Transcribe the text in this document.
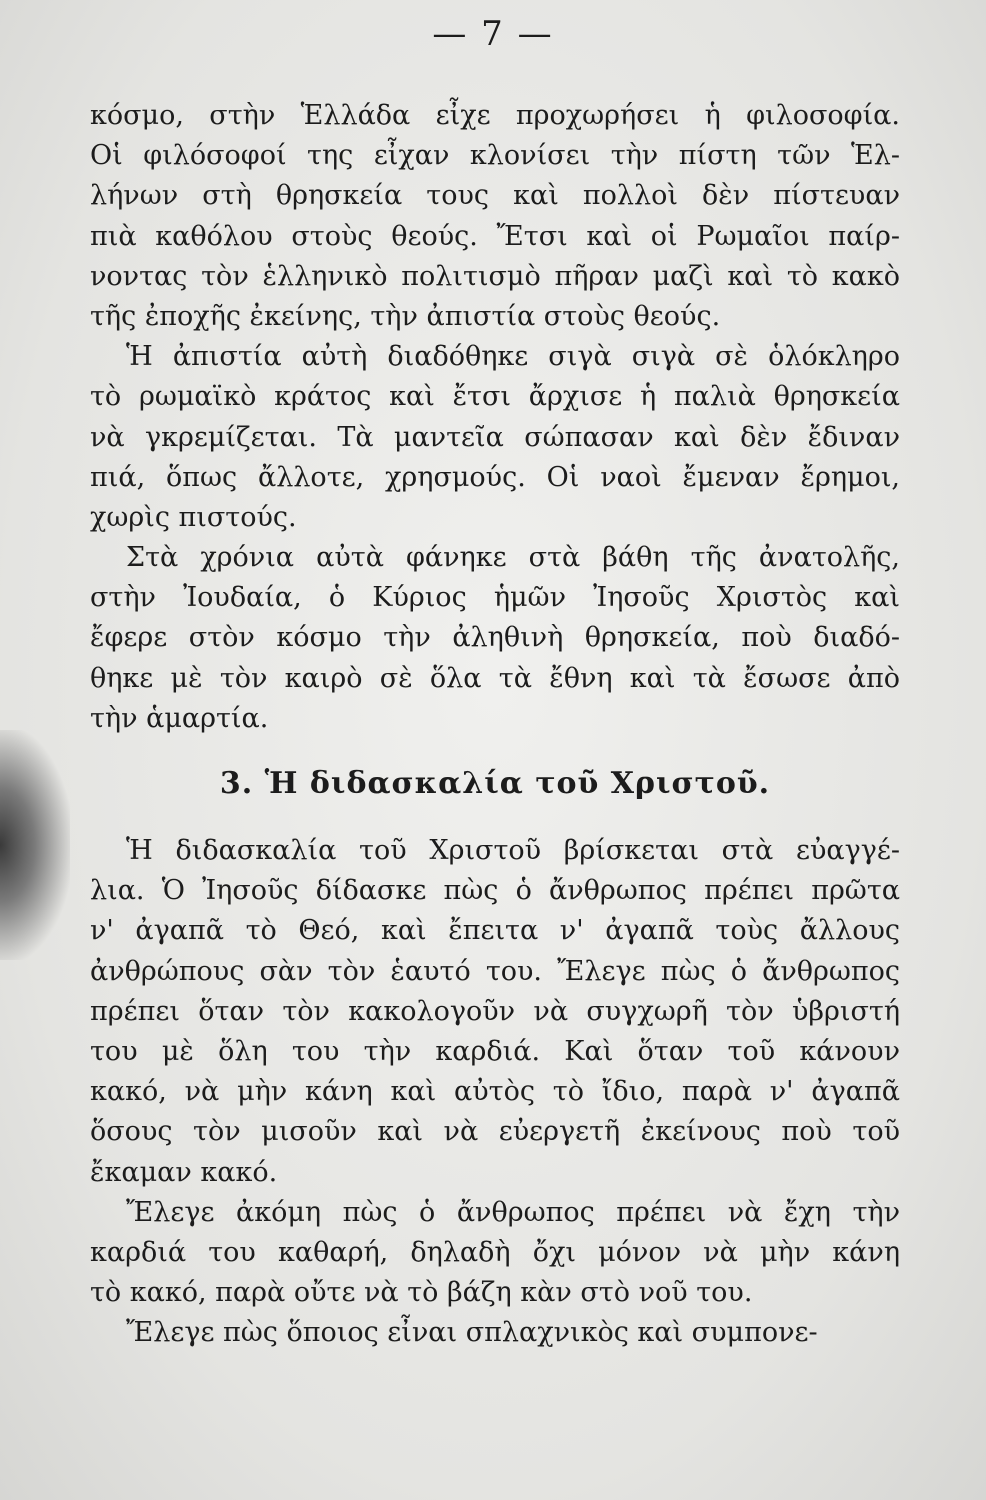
— 7 —
κόσμο, στὴν Ἑλλάδα εἶχε προχωρήσει ἡ φιλοσοφία.
Οἱ φιλόσοφοί της εἶχαν κλονίσει τὴν πίστη τῶν Ἑλ-
λήνων στὴ θρησκεία τους καὶ πολλοὶ δὲν πίστευαν
πιὰ καθόλου στοὺς θεούς. Ἔτσι καὶ οἱ Ρωμαῖοι παίρ-
νοντας τὸν ἑλληνικὸ πολιτισμὸ πῆραν μαζὶ καὶ τὸ κακὸ
τῆς ἐποχῆς ἐκείνης, τὴν ἀπιστία στοὺς θεούς.
Ἡ ἀπιστία αὐτὴ διαδόθηκε σιγὰ σιγὰ σὲ ὁλόκληρο
τὸ ρωμαϊκὸ κράτος καὶ ἔτσι ἄρχισε ἡ παλιὰ θρησκεία
νὰ γκρεμίζεται. Τὰ μαντεῖα σώπασαν καὶ δὲν ἔδιναν
πιά, ὅπως ἄλλοτε, χρησμούς. Οἱ ναοὶ ἔμεναν ἔρημοι,
χωρὶς πιστούς.
Στὰ χρόνια αὐτὰ φάνηκε στὰ βάθη τῆς ἀνατολῆς,
στὴν Ἰουδαία, ὁ Κύριος ἡμῶν Ἰησοῦς Χριστὸς καὶ
ἔφερε στὸν κόσμο τὴν ἀληθινὴ θρησκεία, ποὺ διαδό-
θηκε μὲ τὸν καιρὸ σὲ ὅλα τὰ ἔθνη καὶ τὰ ἔσωσε ἀπὸ
τὴν ἁμαρτία.
3. Ἡ διδασκαλία τοῦ Χριστοῦ.
Ἡ διδασκαλία τοῦ Χριστοῦ βρίσκεται στὰ εὐαγγέ-
λια. Ὁ Ἰησοῦς δίδασκε πὼς ὁ ἄνθρωπος πρέπει πρῶτα
ν' ἀγαπᾶ τὸ Θεό, καὶ ἔπειτα ν' ἀγαπᾶ τοὺς ἄλλους
ἀνθρώπους σὰν τὸν ἑαυτό του. Ἔλεγε πὼς ὁ ἄνθρωπος
πρέπει ὅταν τὸν κακολογοῦν νὰ συγχωρῆ τὸν ὑβριστή
του μὲ ὅλη του τὴν καρδιά. Καὶ ὅταν τοῦ κάνουν
κακό, νὰ μὴν κάνη καὶ αὐτὸς τὸ ἴδιο, παρὰ ν' ἀγαπᾶ
ὅσους τὸν μισοῦν καὶ νὰ εὐεργετῆ ἐκείνους ποὺ τοῦ
ἔκαμαν κακό.
Ἔλεγε ἀκόμη πὼς ὁ ἄνθρωπος πρέπει νὰ ἔχη τὴν
καρδιά του καθαρή, δηλαδὴ ὄχι μόνον νὰ μὴν κάνη
τὸ κακό, παρὰ οὔτε νὰ τὸ βάζη κὰν στὸ νοῦ του.
Ἔλεγε πὼς ὅποιος εἶναι σπλαχνικὸς καὶ συμπονε-
